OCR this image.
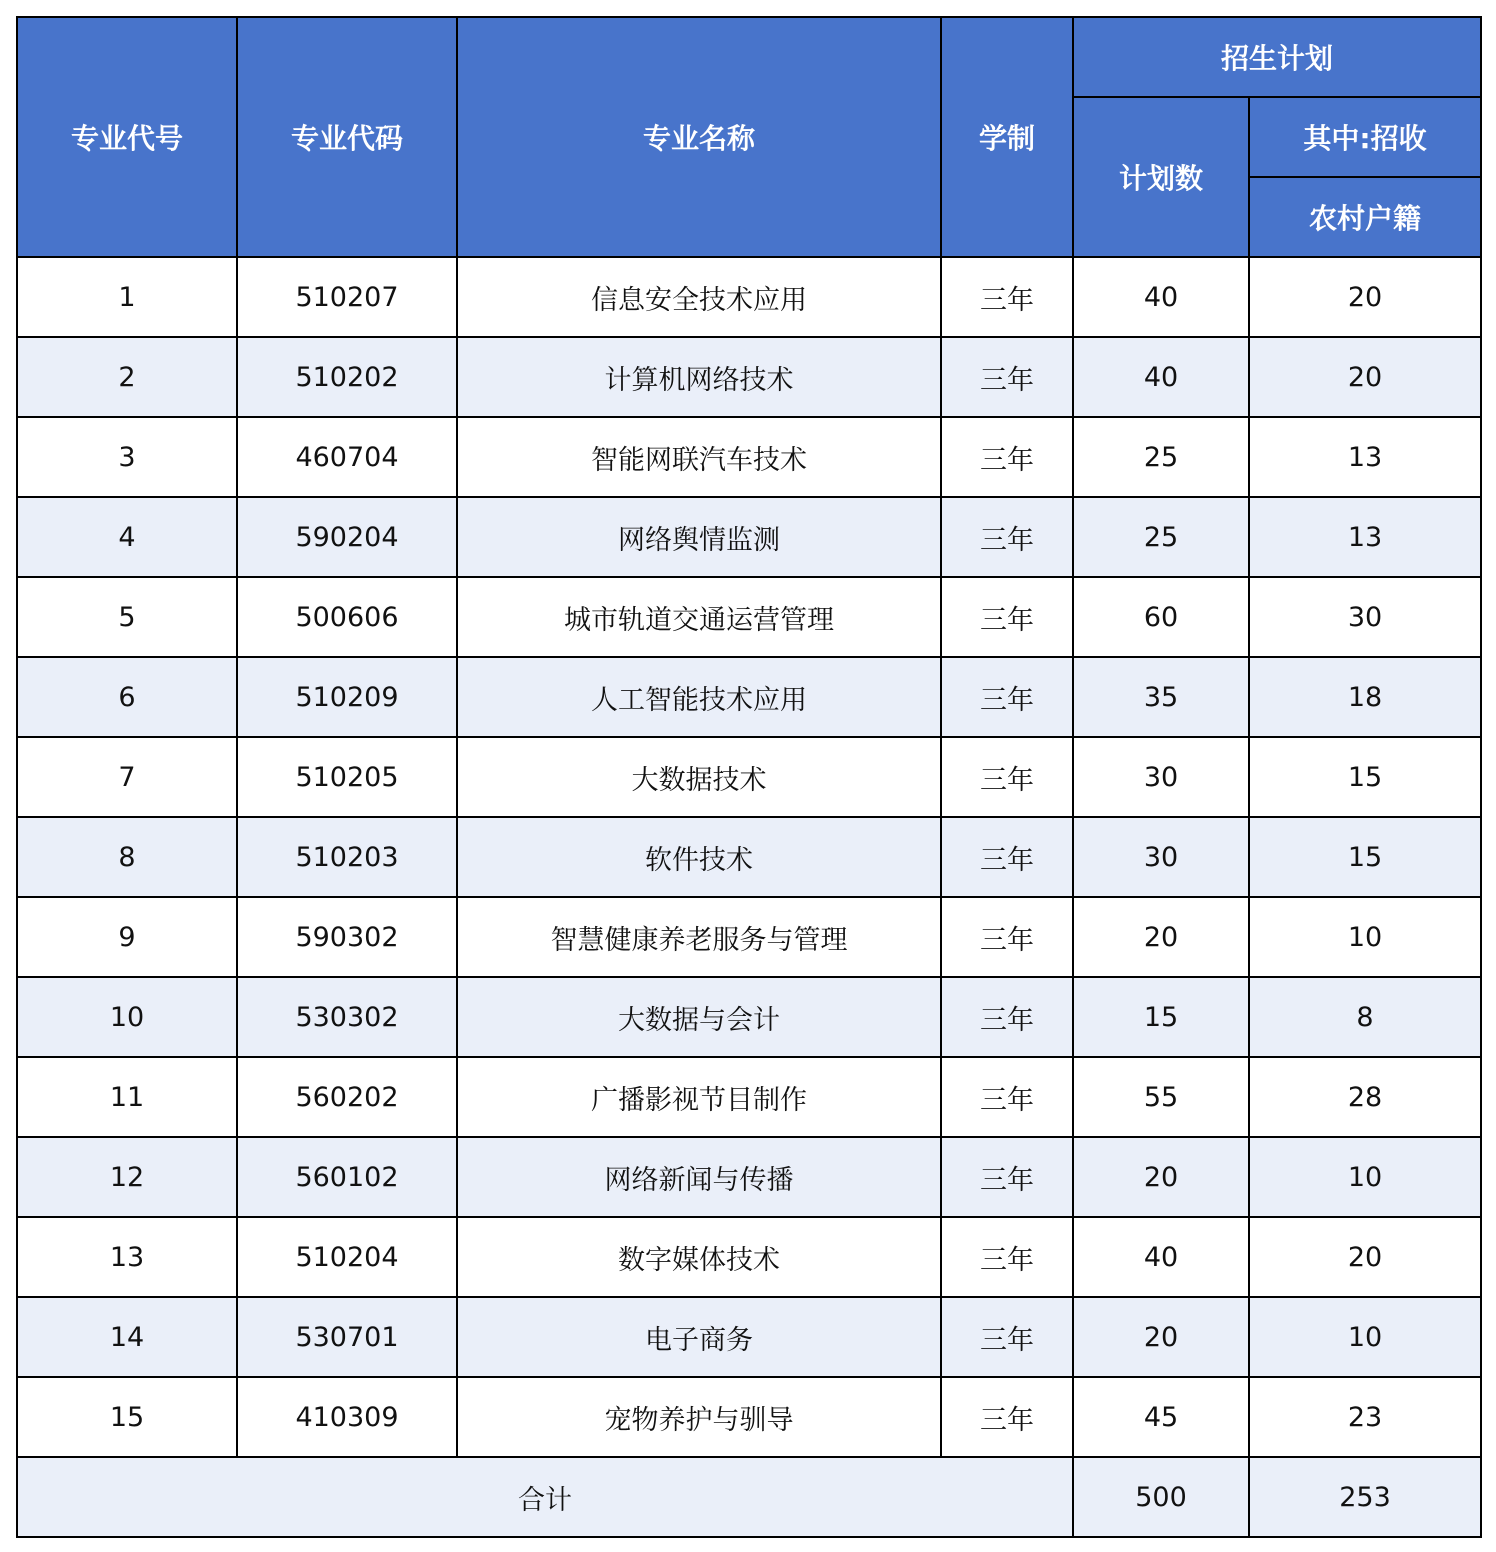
专业代号	专业代码	专业名称	学制	招生计划	
				计划数	其中:招收
					农村户籍
1	510207	信息安全技术应用	三年	40	20
2	510202	计算机网络技术	三年	40	20
3	460704	智能网联汽车技术	三年	25	13
4	590204	网络舆情监测	三年	25	13
5	500606	城市轨道交通运营管理	三年	60	30
6	510209	人工智能技术应用	三年	35	18
7	510205	大数据技术	三年	30	15
8	510203	软件技术	三年	30	15
9	590302	智慧健康养老服务与管理	三年	20	10
10	530302	大数据与会计	三年	15	8
11	560202	广播影视节目制作	三年	55	28
12	560102	网络新闻与传播	三年	20	10
13	510204	数字媒体技术	三年	40	20
14	530701	电子商务	三年	20	10
15	410309	宠物养护与驯导	三年	45	23
合计				500	253
